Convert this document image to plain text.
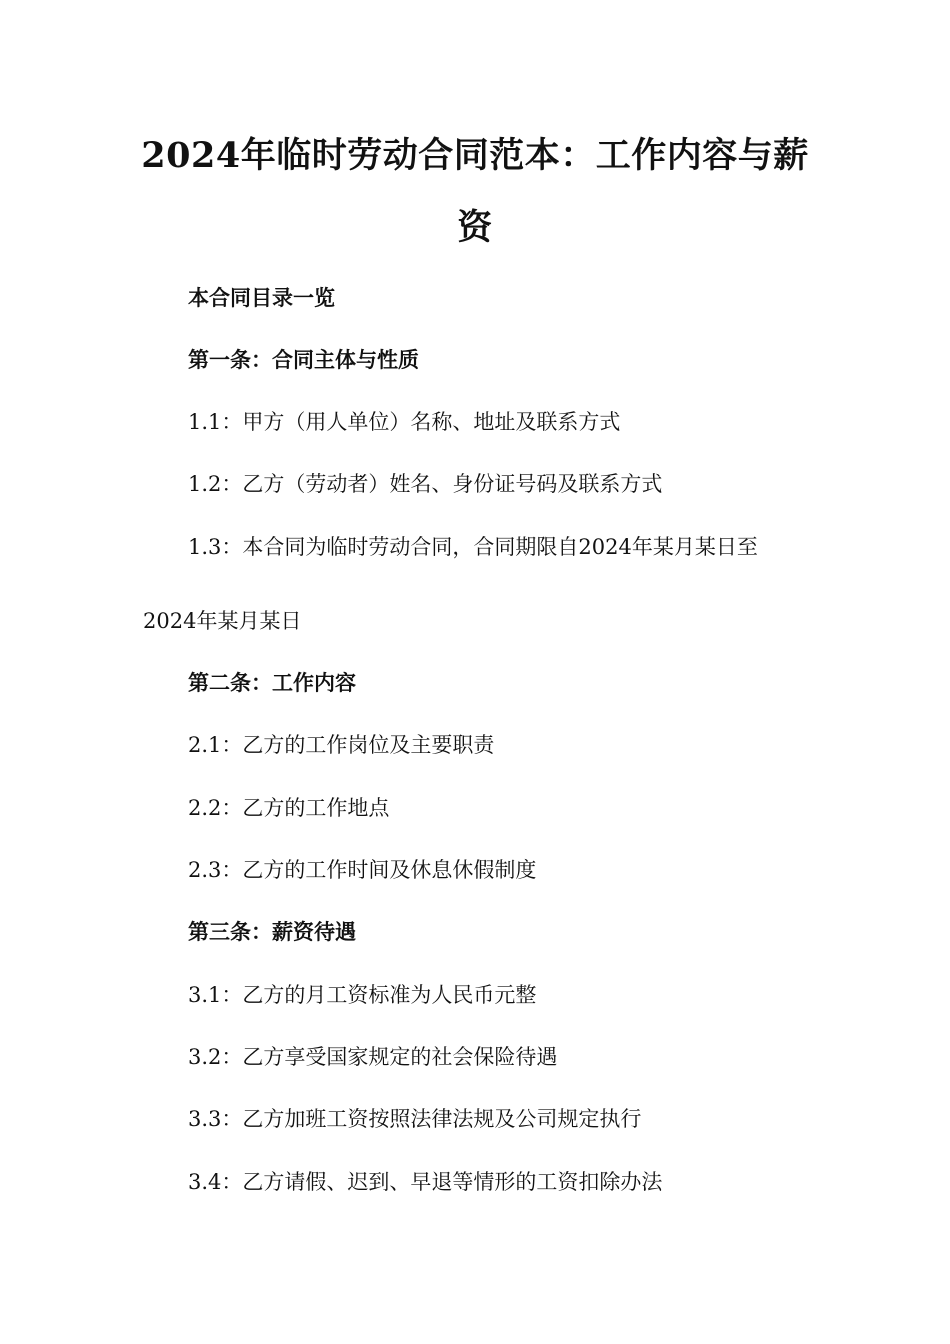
2024年临时劳动合同范本：工作内容与薪
资
本合同目录一览
第一条：合同主体与性质
1.1：甲方（用人单位）名称、地址及联系方式
1.2：乙方（劳动者）姓名、身份证号码及联系方式
1.3：本合同为临时劳动合同，合同期限自2024年某月某日至
2024年某月某日
第二条：工作内容
2.1：乙方的工作岗位及主要职责
2.2：乙方的工作地点
2.3：乙方的工作时间及休息休假制度
第三条：薪资待遇
3.1：乙方的月工资标准为人民币元整
3.2：乙方享受国家规定的社会保险待遇
3.3：乙方加班工资按照法律法规及公司规定执行
3.4：乙方请假、迟到、早退等情形的工资扣除办法
